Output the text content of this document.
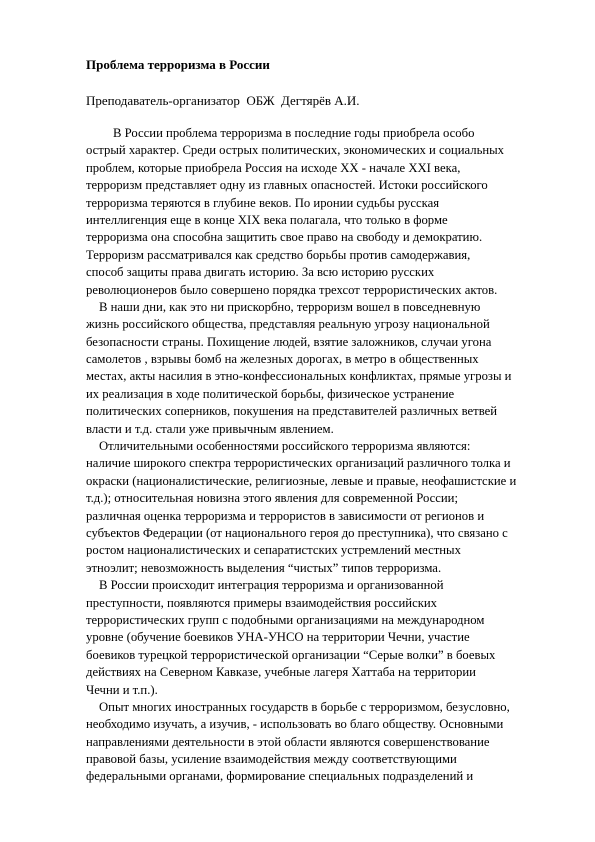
Проблема терроризма в России
Преподаватель-организатор  ОБЖ  Дегтярёв А.И.
В России проблема терроризма в последние годы приобрела особо
острый характер. Среди острых политических, экономических и социальных
проблем, которые приобрела Россия на исходе XX - начале XXI века,
терроризм представляет одну из главных опасностей. Истоки российского
терроризма теряются в глубине веков. По иронии судьбы русская
интеллигенция еще в конце XIX века полагала, что только в форме
терроризма она способна защитить свое право на свободу и демократию.
Терроризм рассматривался как средство борьбы против самодержавия,
способ защиты права двигать историю. За всю историю русских
революционеров было совершено порядка трехсот террористических актов.
В наши дни, как это ни прискорбно, терроризм вошел в повседневную
жизнь российского общества, представляя реальную угрозу национальной
безопасности страны. Похищение людей, взятие заложников, случаи угона
самолетов , взрывы бомб на железных дорогах, в метро в общественных
местах, акты насилия в этно-конфессиональных конфликтах, прямые угрозы и
их реализация в ходе политической борьбы, физическое устранение
политических соперников, покушения на представителей различных ветвей
власти и т.д. стали уже привычным явлением.
Отличительными особенностями российского терроризма являются:
наличие широкого спектра террористических организаций различного толка и
окраски (националистические, религиозные, левые и правые, неофашистские и
т.д.); относительная новизна этого явления для современной России;
различная оценка терроризма и террористов в зависимости от регионов и
субъектов Федерации (от национального героя до преступника), что связано с
ростом националистических и сепаратистских устремлений местных
этноэлит; невозможность выделения “чистых” типов терроризма.
В России происходит интеграция терроризма и организованной
преступности, появляются примеры взаимодействия российских
террористических групп с подобными организациями на международном
уровне (обучение боевиков УНА-УНСО на территории Чечни, участие
боевиков турецкой террористической организации “Серые волки” в боевых
действиях на Северном Кавказе, учебные лагеря Хаттаба на территории
Чечни и т.п.).
Опыт многих иностранных государств в борьбе с терроризмом, безусловно,
необходимо изучать, а изучив, - использовать во благо обществу. Основными
направлениями деятельности в этой области являются совершенствование
правовой базы, усиление взаимодействия между соответствующими
федеральными органами, формирование специальных подразделений и
